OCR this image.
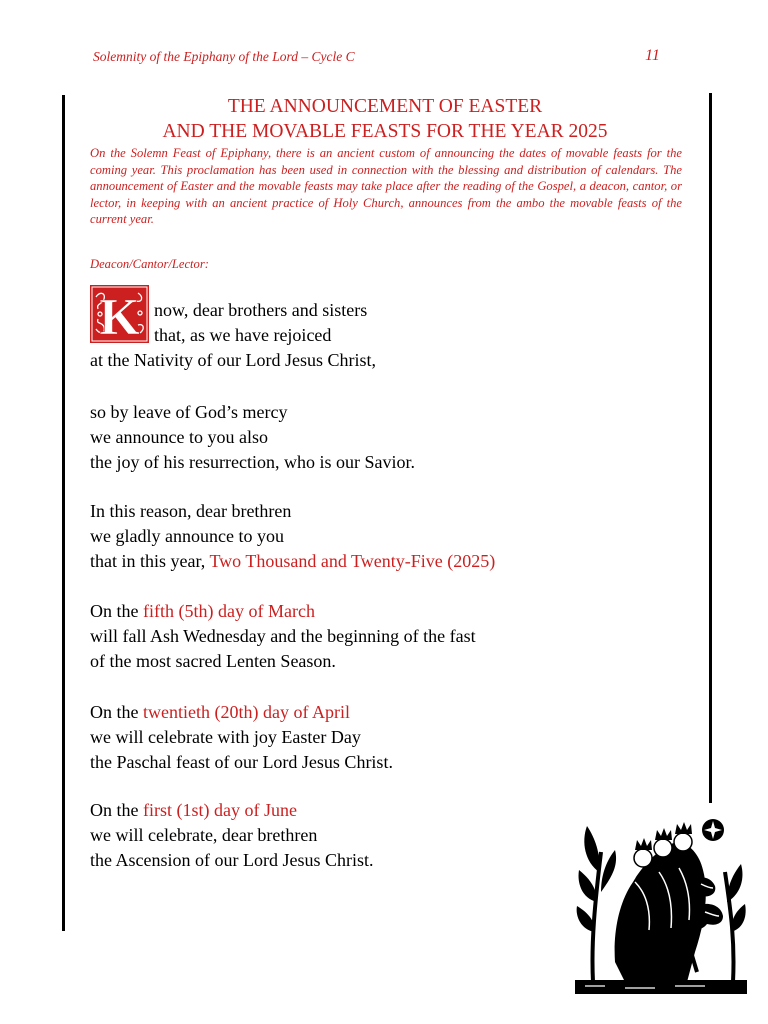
Solemnity of the Epiphany of the Lord – Cycle C	11
THE ANNOUNCEMENT OF EASTER
AND THE MOVABLE FEASTS FOR THE YEAR 2025
On the Solemn Feast of Epiphany, there is an ancient custom of announcing the dates of movable feasts for the coming year. This proclamation has been used in connection with the blessing and distribution of calendars. The announcement of Easter and the movable feasts may take place after the reading of the Gospel, a deacon, cantor, or lector, in keeping with an ancient practice of Holy Church, announces from the ambo the movable feasts of the current year.
Deacon/Cantor/Lector:
K now, dear brothers and sisters
that, as we have rejoiced
at the Nativity of our Lord Jesus Christ,
so by leave of God’s mercy
we announce to you also
the joy of his resurrection, who is our Savior.
In this reason, dear brethren
we gladly announce to you
that in this year, Two Thousand and Twenty-Five (2025)
On the fifth (5th) day of March
will fall Ash Wednesday and the beginning of the fast
of the most sacred Lenten Season.
On the twentieth (20th) day of April
we will celebrate with joy Easter Day
the Paschal feast of our Lord Jesus Christ.
On the first (1st) day of June
we will celebrate, dear brethren
the Ascension of our Lord Jesus Christ.
